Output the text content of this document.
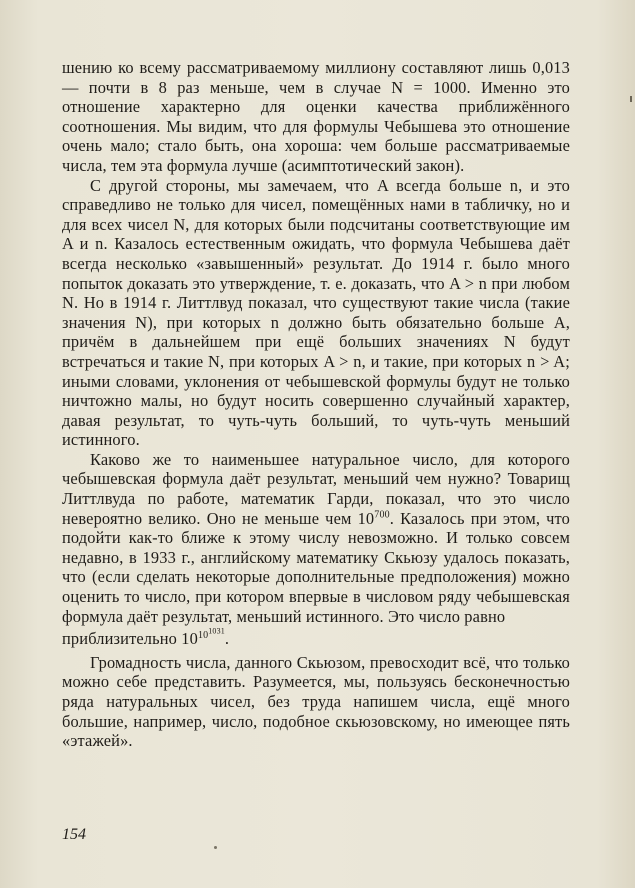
шению ко всему рассматриваемому миллиону составляют лишь 0,013 — почти в 8 раз меньше, чем в случае N = 1000. Именно это отношение характерно для оценки качества приближённого соотношения. Мы видим, что для формулы Чебышева это отношение очень мало; стало быть, она хороша: чем больше рассматриваемые числа, тем эта формула лучше (асимптотический закон).

С другой стороны, мы замечаем, что A всегда больше n, и это справедливо не только для чисел, помещённых нами в табличку, но и для всех чисел N, для которых были подсчитаны соответствующие им A и n. Казалось естественным ожидать, что формула Чебышева даёт всегда несколько «завышенный» результат. До 1914 г. было много попыток доказать это утверждение, т. е. доказать, что A > n при любом N. Но в 1914 г. Литтлвуд показал, что существуют такие числа (такие значения N), при которых n должно быть обязательно больше A, причём в дальнейшем при ещё больших значениях N будут встречаться и такие N, при которых A > n, и такие, при которых n > A; иными словами, уклонения от чебышевской формулы будут не только ничтожно малы, но будут носить совершенно случайный характер, давая результат, то чуть-чуть больший, то чуть-чуть меньший истинного.

Каково же то наименьшее натуральное число, для которого чебышевская формула даёт результат, меньший чем нужно? Товарищ Литтлвуда по работе, математик Гарди, показал, что это число невероятно велико. Оно не меньше чем $10^{700}$. Казалось при этом, что подойти как-то ближе к этому числу невозможно. И только совсем недавно, в 1933 г., английскому математику Скьюзу удалось показать, что (если сделать некоторые дополнительные предположения) можно оценить то число, при котором впервые в числовом ряду чебышевская формула даёт результат, меньший истинного. Это число равно

приблизительно $10^{10^{1031}}$.

Громадность числа, данного Скьюзом, превосходит всё, что только можно себе представить. Разумеется, мы, пользуясь бесконечностью ряда натуральных чисел, без труда напишем числа, ещё много большие, например, число, подобное скьюзовскому, но имеющее пять «этажей».

154
